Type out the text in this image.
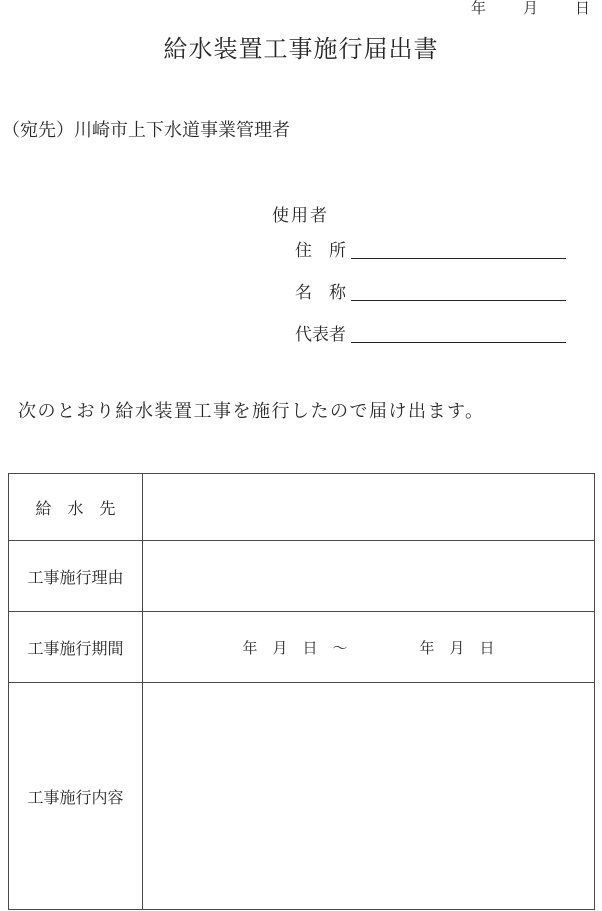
年 月 日
給水装置工事施行届出書
（宛先）川崎市上下水道事業管理者
使用者
住　所
名　称
代表者
次のとおり給水装置工事を施行したので届け出ます。
給　水　先	
工事施行理由	
工事施行期間	年　月　日　～ 年　月　日

工事施行内容	
